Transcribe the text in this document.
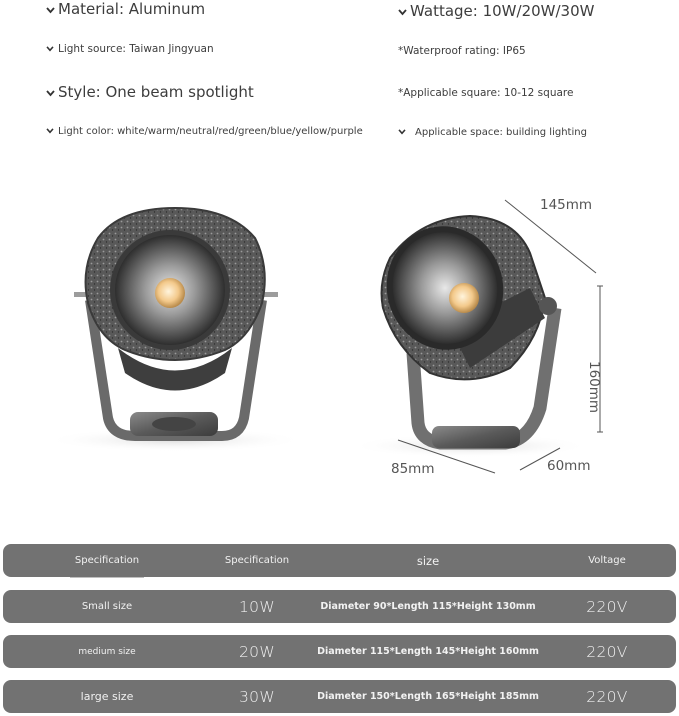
Material: Aluminum	Wattage: 10W/20W/30W
Light source: Taiwan Jingyuan	*Waterproof rating: IP65
Style: One beam spotlight	*Applicable square: 10-12 square
Light color: white/warm/neutral/red/green/blue/yellow/purple	Applicable space: building lighting
145mm
160mm
85mm	60mm
Specification	Specification	size	Voltage
Small size	10W	Diameter 90*Length 115*Height 130mm	220V
medium size	20W	Diameter 115*Length 145*Height 160mm	220V
large size	30W	Diameter 150*Length 165*Height 185mm	220V
